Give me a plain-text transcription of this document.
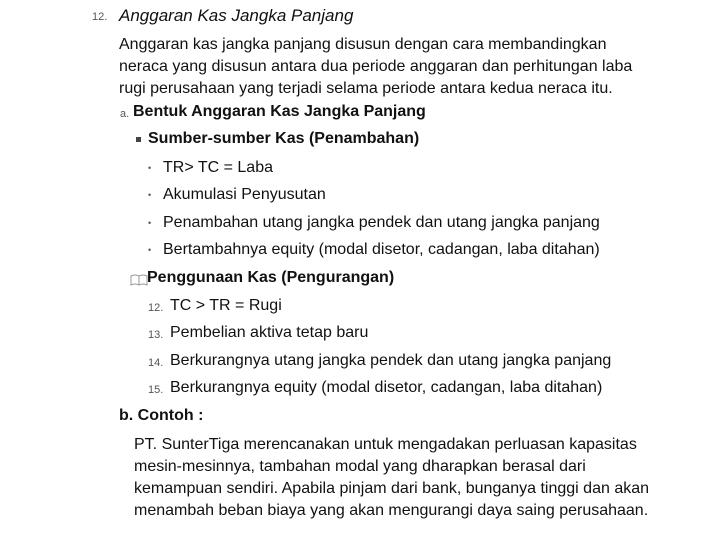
12. Anggaran Kas Jangka Panjang
Anggaran kas jangka panjang disusun dengan cara membandingkan
neraca yang disusun antara dua periode anggaran dan perhitungan laba
rugi perusahaan yang terjadi selama periode antara kedua neraca itu.
a. Bentuk Anggaran Kas Jangka Panjang
Sumber-sumber Kas (Penambahan)
• TR> TC = Laba
• Akumulasi Penyusutan
• Penambahan utang jangka pendek dan utang jangka panjang
• Bertambahnya equity (modal disetor, cadangan, laba ditahan)
Penggunaan Kas (Pengurangan)
12. TC > TR = Rugi
13. Pembelian aktiva tetap baru
14. Berkurangnya utang jangka pendek dan utang jangka panjang
15. Berkurangnya equity (modal disetor, cadangan, laba ditahan)
b. Contoh :
PT. SunterTiga merencanakan untuk mengadakan perluasan kapasitas
mesin-mesinnya, tambahan modal yang dharapkan berasal dari
kemampuan sendiri. Apabila pinjam dari bank, bunganya tinggi dan akan
menambah beban biaya yang akan mengurangi daya saing perusahaan.
